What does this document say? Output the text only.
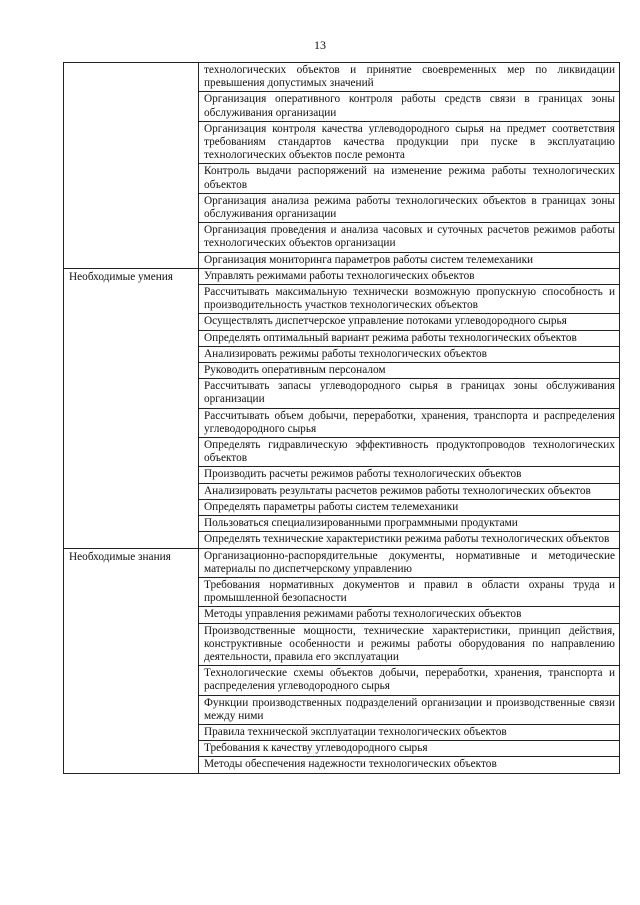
13
	технологических объектов и принятие своевременных мер по ликвидации превышения допустимых значений
	Организация оперативного контроля работы средств связи в границах зоны обслуживания организации
	Организация контроля качества углеводородного сырья на предмет соответствия требованиям стандартов качества продукции при пуске в эксплуатацию технологических объектов после ремонта
	Контроль выдачи распоряжений на изменение режима работы технологических объектов
	Организация анализа режима работы технологических объектов в границах зоны обслуживания организации
	Организация проведения и анализа часовых и суточных расчетов режимов работы технологических объектов организации
	Организация мониторинга параметров работы систем телемеханики
Необходимые умения	Управлять режимами работы технологических объектов
	Рассчитывать максимальную технически возможную пропускную способность и производительность участков технологических объектов
	Осуществлять диспетчерское управление потоками углеводородного сырья
	Определять оптимальный вариант режима работы технологических объектов
	Анализировать режимы работы технологических объектов
	Руководить оперативным персоналом
	Рассчитывать запасы углеводородного сырья в границах зоны обслуживания организации
	Рассчитывать объем добычи, переработки, хранения, транспорта и распределения углеводородного сырья
	Определять гидравлическую эффективность продуктопроводов технологических объектов
	Производить расчеты режимов работы технологических объектов
	Анализировать результаты расчетов режимов работы технологических объектов
	Определять параметры работы систем телемеханики
	Пользоваться специализированными программными продуктами
	Определять технические характеристики режима работы технологических объектов
Необходимые знания	Организационно-распорядительные документы, нормативные и методические материалы по диспетчерскому управлению
	Требования нормативных документов и правил в области охраны труда и промышленной безопасности
	Методы управления режимами работы технологических объектов
	Производственные мощности, технические характеристики, принцип действия, конструктивные особенности и режимы работы оборудования по направлению деятельности, правила его эксплуатации
	Технологические схемы объектов добычи, переработки, хранения, транспорта и распределения углеводородного сырья
	Функции производственных подразделений организации и производственные связи между ними
	Правила технической эксплуатации технологических объектов
	Требования к качеству углеводородного сырья
	Методы обеспечения надежности технологических объектов
